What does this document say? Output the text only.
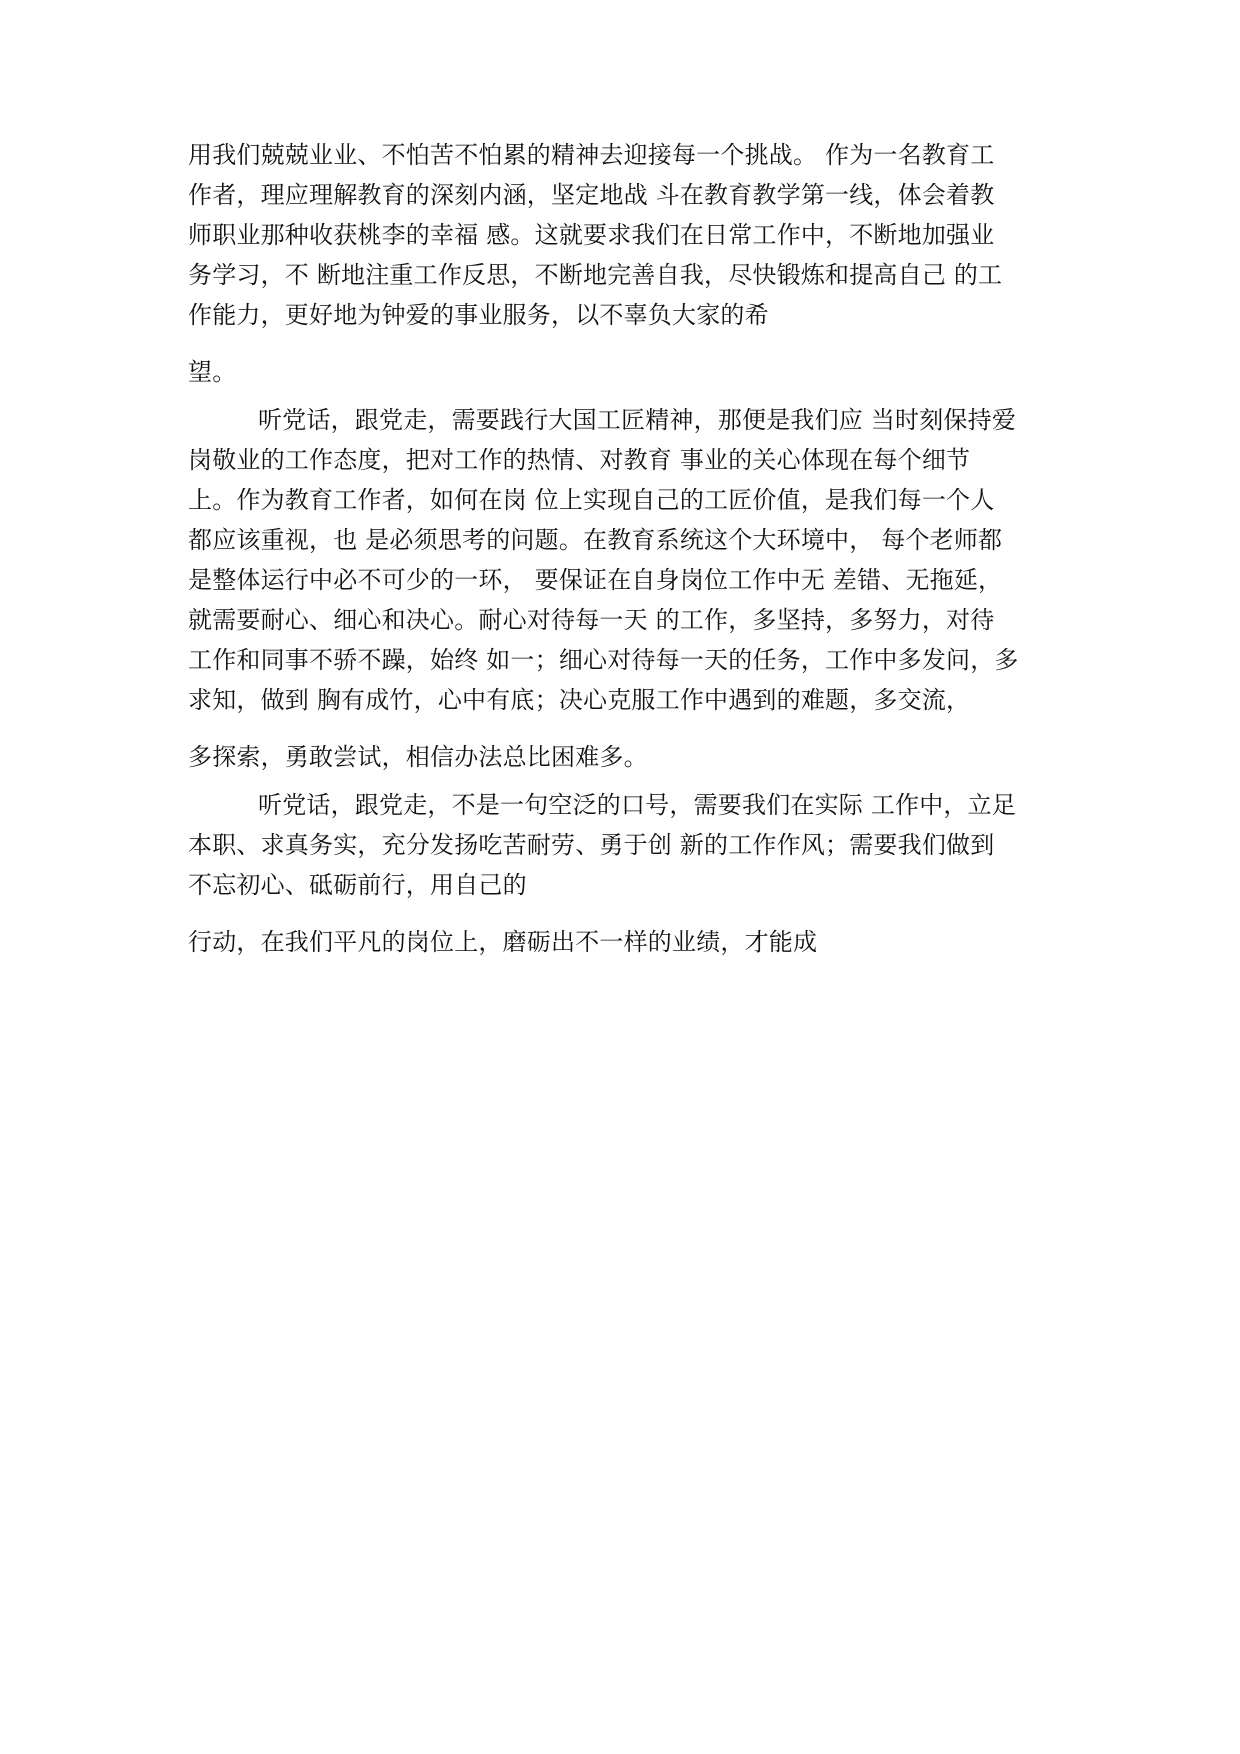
用我们兢兢业业、不怕苦不怕累的精神去迎接每一个挑战。 作为一名教育工

作者，理应理解教育的深刻内涵，坚定地战 斗在教育教学第一线，体会着教

师职业那种收获桃李的幸福 感。这就要求我们在日常工作中，不断地加强业

务学习，不 断地注重工作反思，不断地完善自我，尽快锻炼和提高自己 的工

作能力，更好地为钟爱的事业服务，以不辜负大家的希

望。

听党话，跟党走，需要践行大国工匠精神，那便是我们应 当时刻保持爱

岗敬业的工作态度，把对工作的热情、对教育 事业的关心体现在每个细节

上。作为教育工作者，如何在岗 位上实现自己的工匠价值，是我们每一个人

都应该重视，也 是必须思考的问题。在教育系统这个大环境中， 每个老师都

是整体运行中必不可少的一环， 要保证在自身岗位工作中无 差错、无拖延，

就需要耐心、细心和决心。耐心对待每一天 的工作，多坚持，多努力，对待

工作和同事不骄不躁，始终 如一；细心对待每一天的任务，工作中多发问，多

求知，做到 胸有成竹，心中有底；决心克服工作中遇到的难题，多交流，

多探索，勇敢尝试，相信办法总比困难多。

听党话，跟党走，不是一句空泛的口号，需要我们在实际 工作中，立足

本职、求真务实，充分发扬吃苦耐劳、勇于创 新的工作作风；需要我们做到

不忘初心、砥砺前行，用自己的

行动，在我们平凡的岗位上，磨砺出不一样的业绩，才能成
